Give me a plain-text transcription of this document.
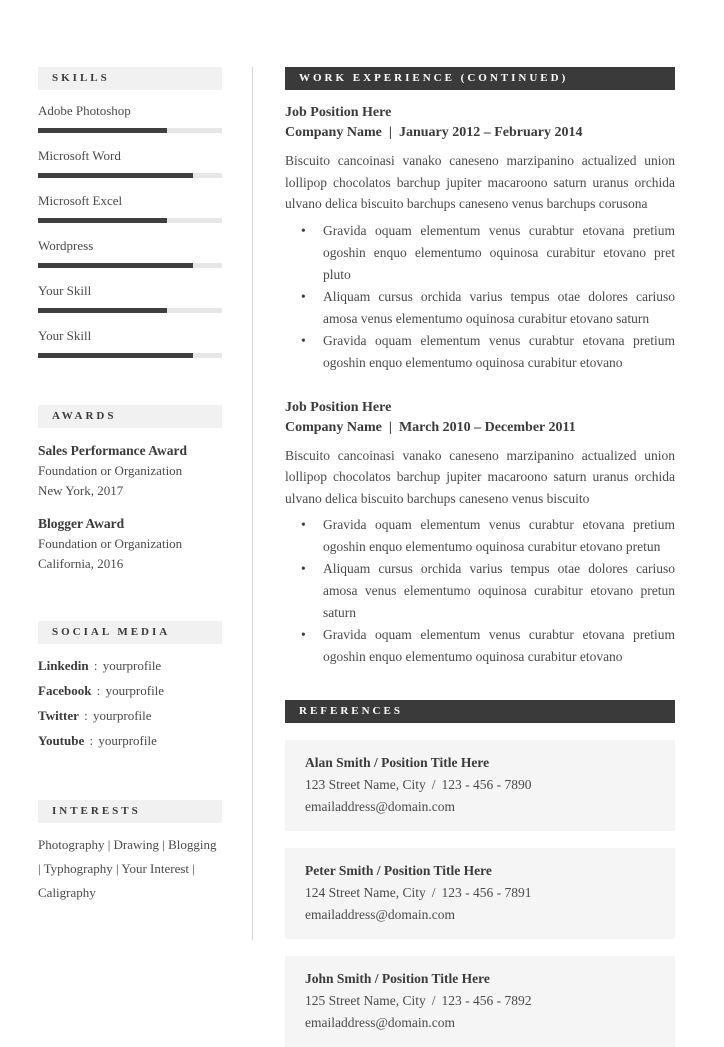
SKILLS
Adobe Photoshop
Microsoft Word
Microsoft Excel
Wordpress
Your Skill
Your Skill
AWARDS
Sales Performance Award
Foundation or Organization
New York, 2017
Blogger Award
Foundation or Organization
California, 2016
SOCIAL MEDIA
Linkedin : yourprofile
Facebook : yourprofile
Twitter : yourprofile
Youtube : yourprofile
INTERESTS

Photography | Drawing | Blogging | Typhography | Your Interest | Caligraphy

WORK EXPERIENCE (CONTINUED)
Job Position Here
Company Name | January 2012 – February 2014

Biscuito cancoinasi vanako caneseno marzipanino actualized union lollipop chocolatos barchup jupiter macaroono saturn uranus orchida ulvano delica biscuito barchups caneseno venus barchups corusona

• Gravida oquam elementum venus curabtur etovana pretium ogoshin enquo elementumo oquinosa curabitur etovano pret pluto
• Aliquam cursus orchida varius tempus otae dolores cariuso amosa venus elementumo oquinosa curabitur etovano saturn
• Gravida oquam elementum venus curabtur etovana pretium ogoshin enquo elementumo oquinosa curabitur etovano
Job Position Here
Company Name | March 2010 – December 2011

Biscuito cancoinasi vanako caneseno marzipanino actualized union lollipop chocolatos barchup jupiter macaroono saturn uranus orchida ulvano delica biscuito barchups caneseno venus biscuito

• Gravida oquam elementum venus curabtur etovana pretium ogoshin enquo elementumo oquinosa curabitur etovano pretun
• Aliquam cursus orchida varius tempus otae dolores cariuso amosa venus elementumo oquinosa curabitur etovano pretun saturn
• Gravida oquam elementum venus curabtur etovana pretium ogoshin enquo elementumo oquinosa curabitur etovano
REFERENCES
Alan Smith / Position Title Here
123 Street Name, City / 123 - 456 - 7890
emailaddress@domain.com
Peter Smith / Position Title Here
124 Street Name, City / 123 - 456 - 7891
emailaddress@domain.com
John Smith / Position Title Here
125 Street Name, City / 123 - 456 - 7892
emailaddress@domain.com
